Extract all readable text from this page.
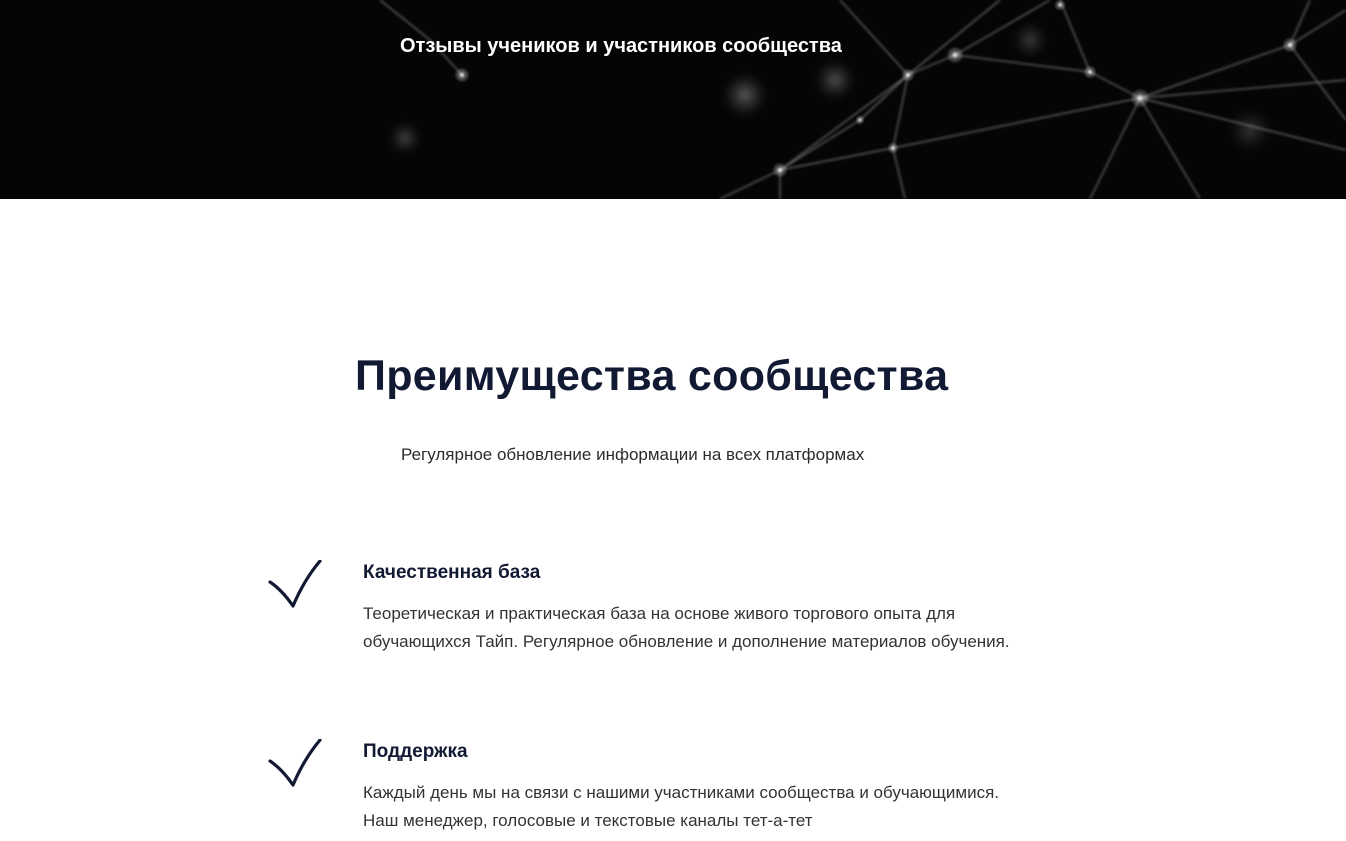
Отзывы учеников и участников сообщества
Преимущества сообщества

Регулярное обновление информации на всех платформах

Качественная база

Теоретическая и практическая база на основе живого торгового опыта для обучающихся Тайп. Регулярное обновление и дополнение материалов обучения.

Поддержка

Каждый день мы на связи с нашими участниками сообщества и обучающимися. Наш менеджер, голосовые и текстовые каналы тет-а-тет
